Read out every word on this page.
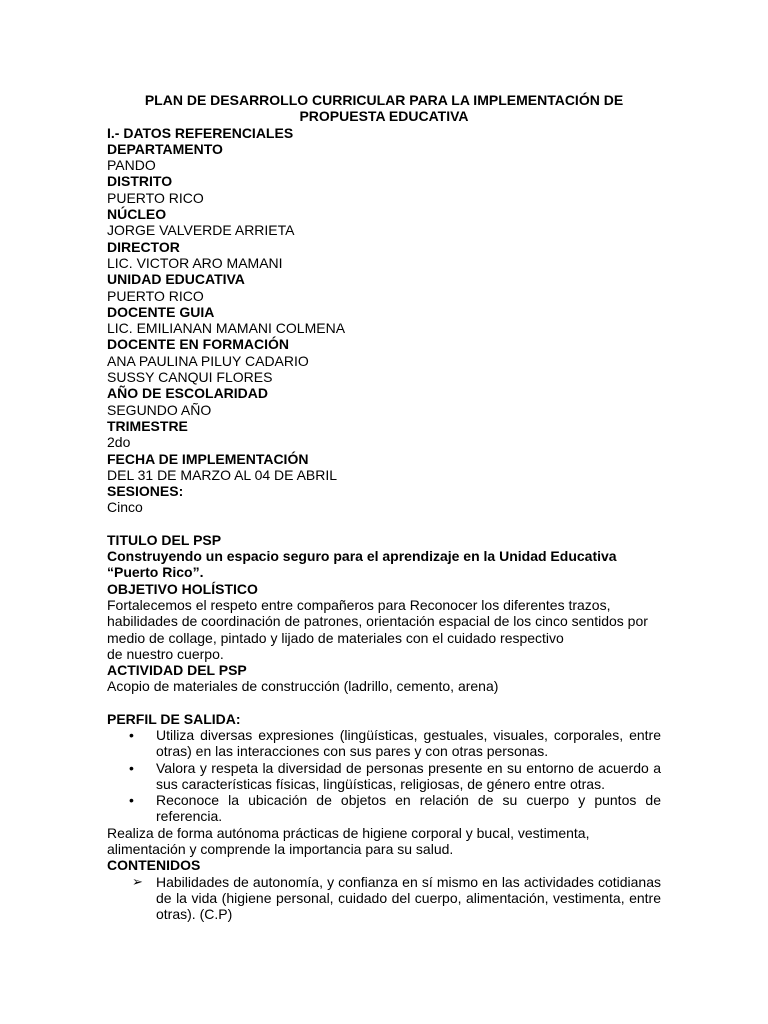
PLAN DE DESARROLLO CURRICULAR PARA LA IMPLEMENTACIÓN DE PROPUESTA EDUCATIVA

I.- DATOS REFERENCIALES
DEPARTAMENTO
PANDO
DISTRITO
PUERTO RICO
NÚCLEO
JORGE VALVERDE ARRIETA
DIRECTOR
LIC. VICTOR ARO MAMANI
UNIDAD EDUCATIVA
PUERTO RICO
DOCENTE GUIA
LIC. EMILIANAN MAMANI COLMENA
DOCENTE EN FORMACIÓN
ANA PAULINA PILUY CADARIO
SUSSY CANQUI FLORES
AÑO DE ESCOLARIDAD
SEGUNDO AÑO
TRIMESTRE
2do
FECHA DE IMPLEMENTACIÓN
DEL 31 DE MARZO AL 04 DE ABRIL
SESIONES:
Cinco
TITULO DEL PSP
Construyendo un espacio seguro para el aprendizaje en la Unidad Educativa “Puerto Rico”.
OBJETIVO HOLÍSTICO
Fortalecemos el respeto entre compañeros para Reconocer los diferentes trazos,
habilidades de coordinación de patrones, orientación espacial de los cinco sentidos por
medio de collage, pintado y lijado de materiales con el cuidado respectivo
de nuestro cuerpo.
ACTIVIDAD DEL PSP
Acopio de materiales de construcción (ladrillo, cemento, arena)
PERFIL DE SALIDA:
• Utiliza diversas expresiones (lingüísticas, gestuales, visuales, corporales, entre otras) en las interacciones con sus pares y con otras personas.
• Valora y respeta la diversidad de personas presente en su entorno de acuerdo a sus características físicas, lingüísticas, religiosas, de género entre otras.
• Reconoce la ubicación de objetos en relación de su cuerpo y puntos de referencia.
Realiza de forma autónoma prácticas de higiene corporal y bucal, vestimenta,
alimentación y comprende la importancia para su salud.
CONTENIDOS
➢ Habilidades de autonomía, y confianza en sí mismo en las actividades cotidianas de la vida (higiene personal, cuidado del cuerpo, alimentación, vestimenta, entre otras). (C.P)
